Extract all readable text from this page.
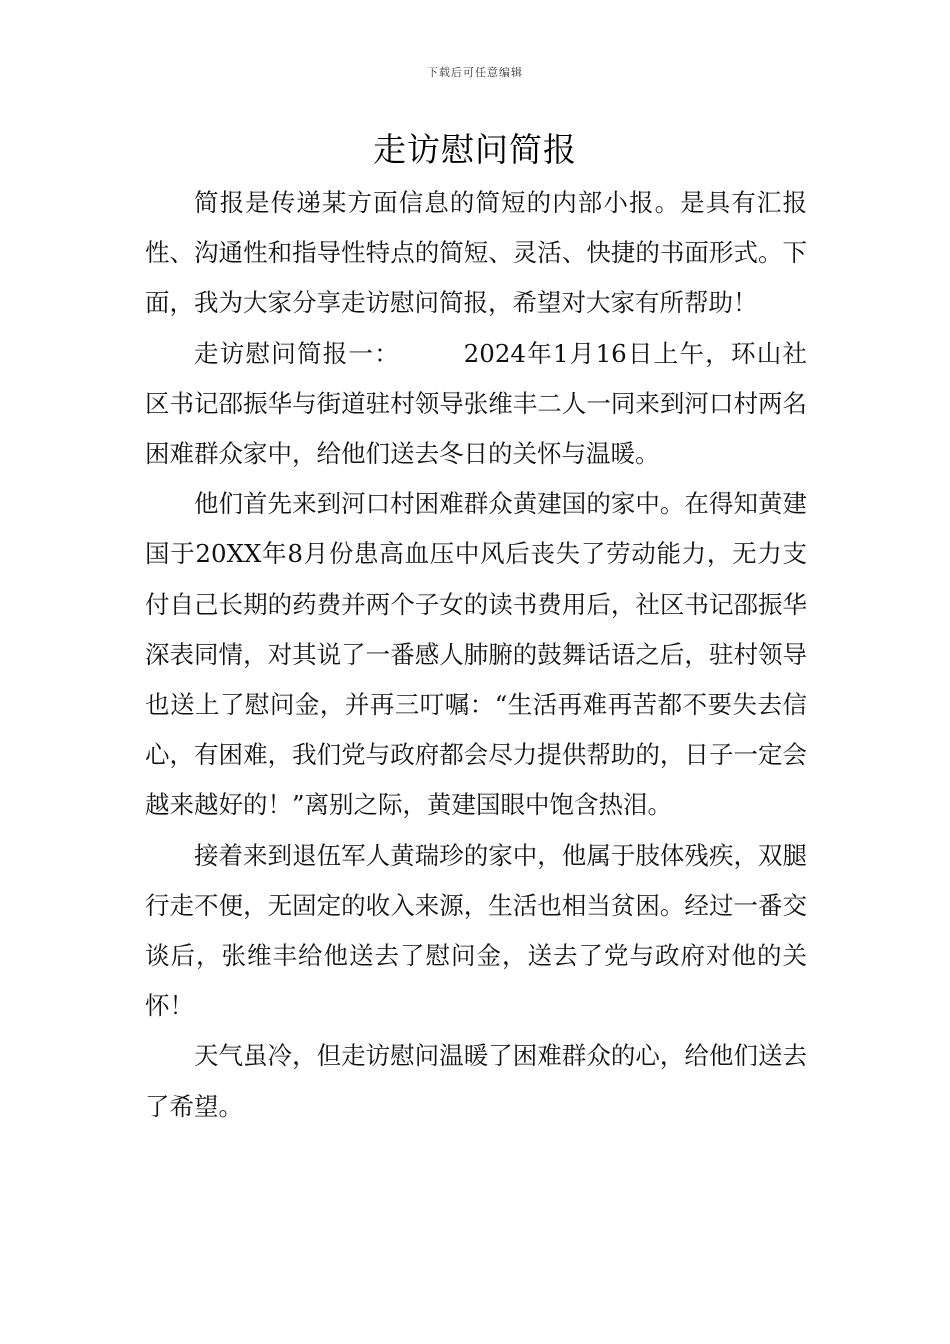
下载后可任意编辑
走访慰问简报

简报是传递某方面信息的简短的内部小报。是具有汇报性、沟通性和指导性特点的简短、灵活、快捷的书面形式。下面，我为大家分享走访慰问简报，希望对大家有所帮助！

走访慰问简报一：	2024年1月16日上午，环山社区书记邵振华与街道驻村领导张维丰二人一同来到河口村两名困难群众家中，给他们送去冬日的关怀与温暖。

他们首先来到河口村困难群众黄建国的家中。在得知黄建国于20XX年8月份患高血压中风后丧失了劳动能力，无力支付自己长期的药费并两个子女的读书费用后，社区书记邵振华深表同情，对其说了一番感人肺腑的鼓舞话语之后，驻村领导也送上了慰问金，并再三叮嘱：“生活再难再苦都不要失去信心，有困难，我们党与政府都会尽力提供帮助的，日子一定会越来越好的！”离别之际，黄建国眼中饱含热泪。

接着来到退伍军人黄瑞珍的家中，他属于肢体残疾，双腿行走不便，无固定的收入来源，生活也相当贫困。经过一番交谈后，张维丰给他送去了慰问金，送去了党与政府对他的关怀！

天气虽冷，但走访慰问温暖了困难群众的心，给他们送去了希望。
